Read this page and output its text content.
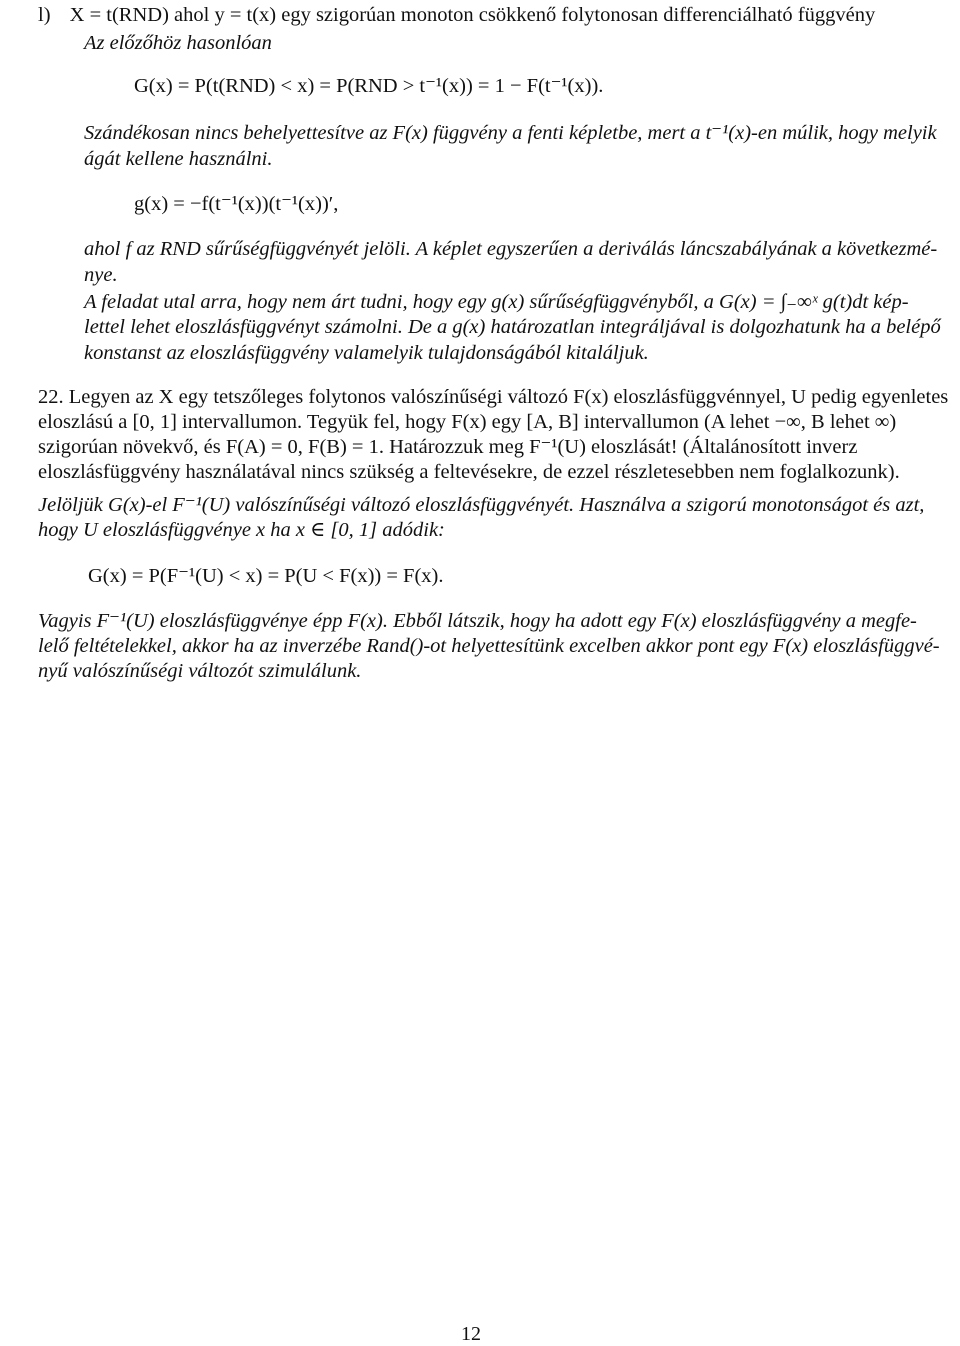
l) X = t(RND) ahol y = t(x) egy szigorúan monoton csökkenő folytonosan differenciálható függvény
Az előzőhöz hasonlóan
G(x) = P(t(RND) < x) = P(RND > t⁻¹(x)) = 1 − F(t⁻¹(x)).
Szándékosan nincs behelyettesítve az F(x) függvény a fenti képletbe, mert a t⁻¹(x)-en múlik, hogy melyik
ágát kellene használni.
g(x) = −f(t⁻¹(x))(t⁻¹(x))′,
ahol f az RND sűrűségfüggvényét jelöli. A képlet egyszerűen a deriválás láncszabályának a következmé-
nye.
A feladat utal arra, hogy nem árt tudni, hogy egy g(x) sűrűségfüggvényből, a G(x) = ∫₋∞ˣ g(t)dt kép-
lettel lehet eloszlásfüggvényt számolni. De a g(x) határozatlan integráljával is dolgozhatunk ha a belépő
konstanst az eloszlásfüggvény valamelyik tulajdonságából kitaláljuk.
22. Legyen az X egy tetszőleges folytonos valószínűségi változó F(x) eloszlásfüggvénnyel, U pedig egyenletes
eloszlású a [0, 1] intervallumon. Tegyük fel, hogy F(x) egy [A, B] intervallumon (A lehet −∞, B lehet ∞)
szigorúan növekvő, és F(A) = 0, F(B) = 1. Határozzuk meg F⁻¹(U) eloszlását! (Általánosított inverz
eloszlásfüggvény használatával nincs szükség a feltevésekre, de ezzel részletesebben nem foglalkozunk).
Jelöljük G(x)-el F⁻¹(U) valószínűségi változó eloszlásfüggvényét. Használva a szigorú monotonságot és azt,
hogy U eloszlásfüggvénye x ha x ∈ [0, 1] adódik:
G(x) = P(F⁻¹(U) < x) = P(U < F(x)) = F(x).
Vagyis F⁻¹(U) eloszlásfüggvénye épp F(x). Ebből látszik, hogy ha adott egy F(x) eloszlásfüggvény a megfe-
lelő feltételekkel, akkor ha az inverzébe Rand()-ot helyettesítünk excelben akkor pont egy F(x) eloszlásfüggvé-
nyű valószínűségi változót szimulálunk.
12
